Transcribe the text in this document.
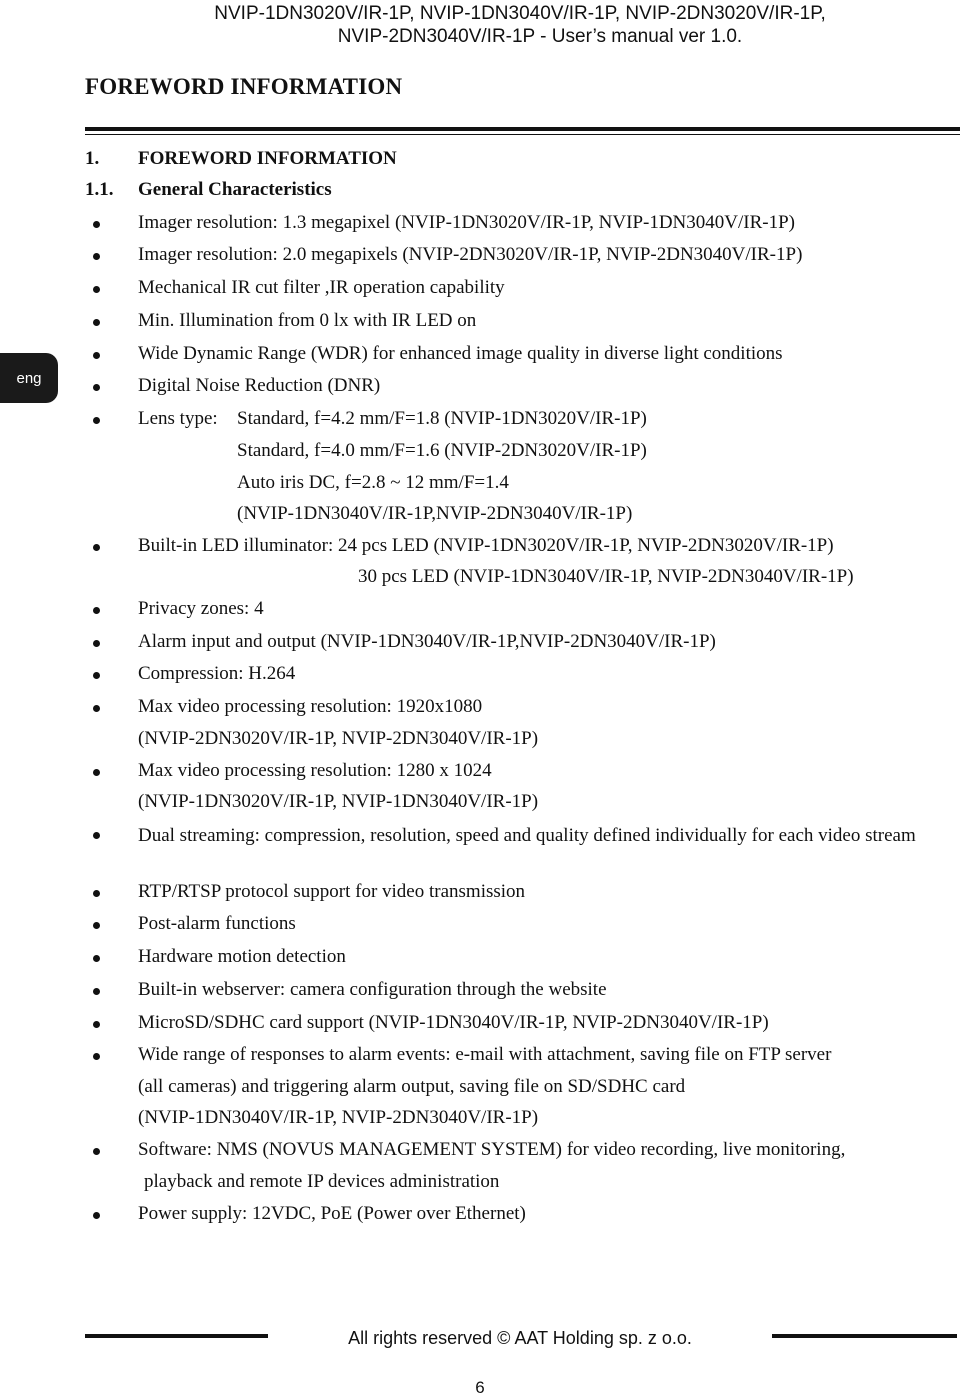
NVIP-1DN3020V/IR-1P, NVIP-1DN3040V/IR-1P, NVIP-2DN3020V/IR-1P,
NVIP-2DN3040V/IR-1P - User’s manual ver 1.0.
FOREWORD INFORMATION
eng
1. FOREWORD INFORMATION
1.1. General Characteristics
Imager resolution: 1.3 megapixel (NVIP-1DN3020V/IR-1P, NVIP-1DN3040V/IR-1P)
Imager resolution: 2.0 megapixels (NVIP-2DN3020V/IR-1P, NVIP-2DN3040V/IR-1P)
Mechanical IR cut filter ,IR operation capability
Min. Illumination from 0 lx with IR LED on
Wide Dynamic Range (WDR) for enhanced image quality in diverse light conditions
Digital Noise Reduction (DNR)
Lens type: Standard, f=4.2 mm/F=1.8 (NVIP-1DN3020V/IR-1P)
Standard, f=4.0 mm/F=1.6 (NVIP-2DN3020V/IR-1P)
Auto iris DC, f=2.8 ~ 12 mm/F=1.4
(NVIP-1DN3040V/IR-1P,NVIP-2DN3040V/IR-1P)
Built-in LED illuminator: 24 pcs LED (NVIP-1DN3020V/IR-1P, NVIP-2DN3020V/IR-1P)
30 pcs LED (NVIP-1DN3040V/IR-1P, NVIP-2DN3040V/IR-1P)
Privacy zones: 4
Alarm input and output (NVIP-1DN3040V/IR-1P,NVIP-2DN3040V/IR-1P)
Compression: H.264
Max video processing resolution: 1920x1080
(NVIP-2DN3020V/IR-1P, NVIP-2DN3040V/IR-1P)
Max video processing resolution: 1280 x 1024
(NVIP-1DN3020V/IR-1P, NVIP-1DN3040V/IR-1P)
Dual streaming: compression, resolution, speed and quality defined individually for each video stream
RTP/RTSP protocol support for video transmission
Post-alarm functions
Hardware motion detection
Built-in webserver: camera configuration through the website
MicroSD/SDHC card support (NVIP-1DN3040V/IR-1P, NVIP-2DN3040V/IR-1P)
Wide range of responses to alarm events: e-mail with attachment, saving file on FTP server
(all cameras) and triggering alarm output, saving file on SD/SDHC card
(NVIP-1DN3040V/IR-1P, NVIP-2DN3040V/IR-1P)
Software: NMS (NOVUS MANAGEMENT SYSTEM) for video recording, live monitoring,
playback and remote IP devices administration
Power supply: 12VDC, PoE (Power over Ethernet)
All rights reserved © AAT Holding sp. z o.o.
6
